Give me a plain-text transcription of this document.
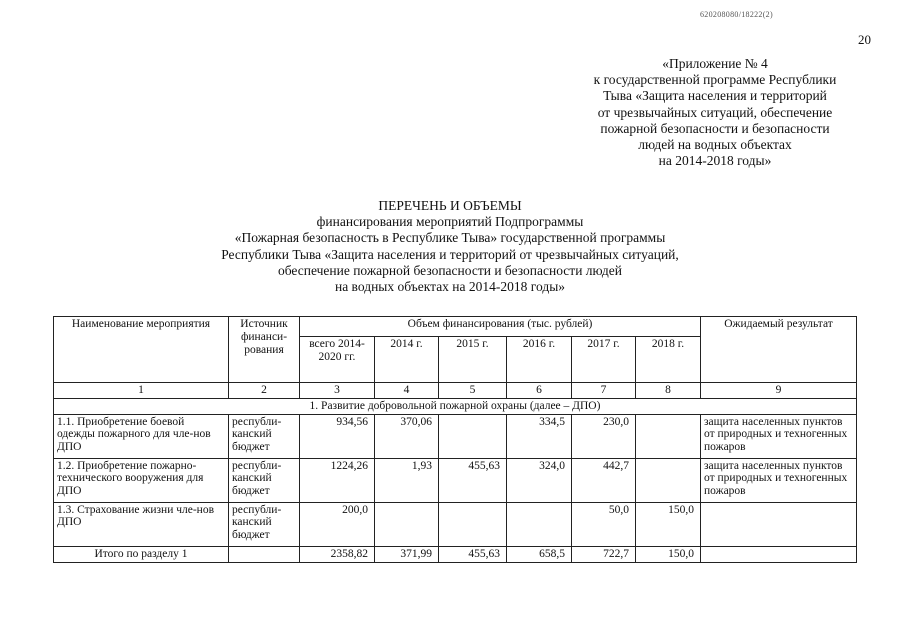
620208080/18222(2)
20
«Приложение № 4
к государственной программе Республики
Тыва «Защита населения и территорий
от чрезвычайных ситуаций, обеспечение
пожарной безопасности и безопасности
людей на водных объектах
на 2014-2018 годы»
ПЕРЕЧЕНЬ И ОБЪЕМЫ
финансирования мероприятий Подпрограммы
«Пожарная безопасность в Республике Тыва» государственной программы
Республики Тыва «Защита населения и территорий от чрезвычайных ситуаций,
обеспечение пожарной безопасности и безопасности людей
на водных объектах на 2014-2018 годы»
Наименование мероприятия	Источник финанси-рования	Объем финансирования (тыс. рублей)						Ожидаемый результат
		всего 2014-2020 гг.	2014 г.	2015 г.	2016 г.	2017 г.	2018 г.	
1	2	3	4	5	6	7	8	9
1. Развитие добровольной пожарной охраны (далее – ДПО)								
1.1. Приобретение боевой одежды пожарного для чле-нов ДПО	республи-канский бюджет	934,56	370,06		334,5	230,0		защита населенных пунктов от природных и техногенных пожаров
1.2. Приобретение пожарно-технического вооружения для ДПО	республи-канский бюджет	1224,26	1,93	455,63	324,0	442,7		защита населенных пунктов от природных и техногенных пожаров
1.3. Страхование жизни чле-нов ДПО	республи-канский бюджет	200,0				50,0	150,0	
Итого по разделу 1		2358,82	371,99	455,63	658,5	722,7	150,0	
